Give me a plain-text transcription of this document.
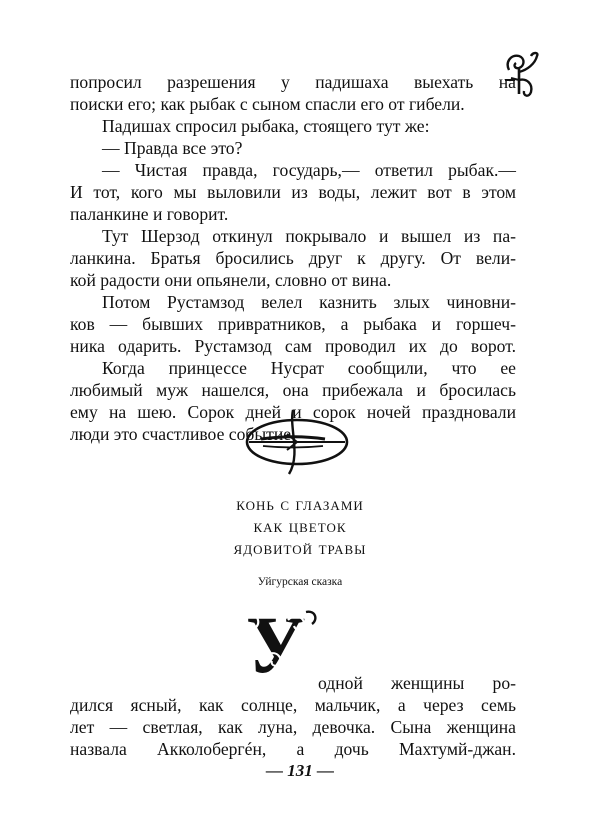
попросил разрешения у падишаха выехать на
поиски его; как рыбак с сыном спасли его от гибели.
Падишах спросил рыбака, стоящего тут же:
— Правда все это?
— Чистая правда, государь,— ответил рыбак.—
И тот, кого мы выловили из воды, лежит вот в этом
паланкине и говорит.
Тут Шерзод откинул покрывало и вышел из па-
ланкина. Братья бросились друг к другу. От вели-
кой радости они опьянели, словно от вина.
Потом Рустамзод велел казнить злых чиновни-
ков — бывших привратников, а рыбака и горшеч-
ника одарить. Рустамзод сам проводил их до ворот.
Когда принцессе Нусрат сообщили, что ее
любимый муж нашелся, она прибежала и бросилась
ему на шею. Сорок дней и сорок ночей праздновали
люди это счастливое событие.
конь с глазами
как цветок
ядовитой травы
Уйгурская сказка
У одной женщины ро-
дился ясный, как солнце, мальчик, а через семь
лет — светлая, как луна, девочка. Сына женщина
назвала Акколобергéн, а дочь Махтумй-джан.
— 131 —
